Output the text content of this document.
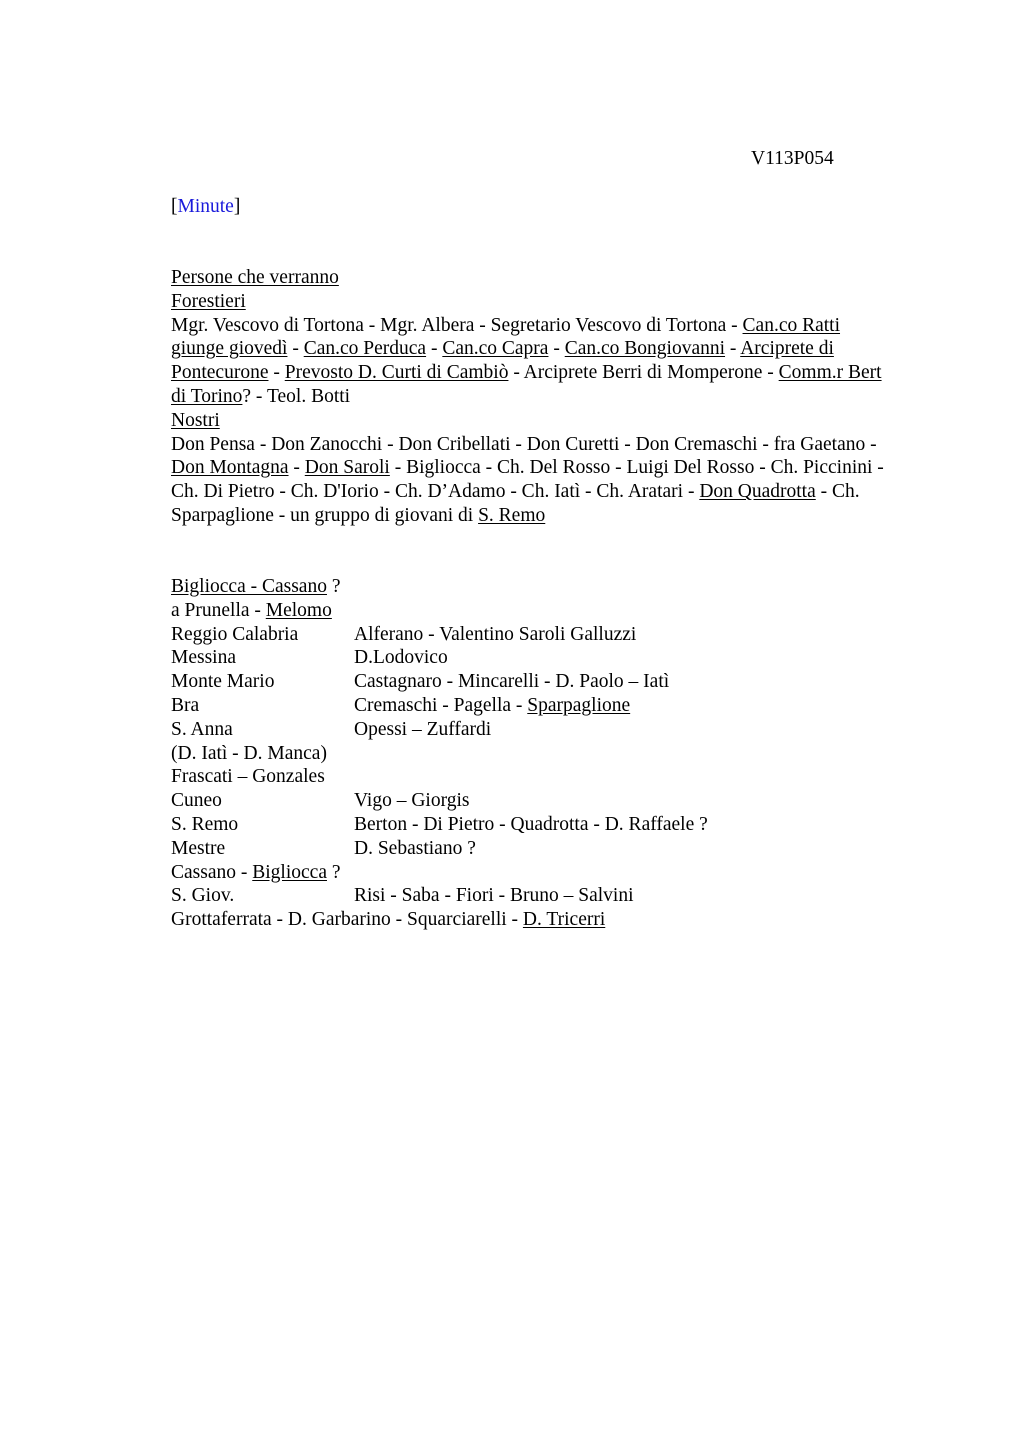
V113P054
[Minute]
Persone che verranno
Forestieri
Mgr. Vescovo di Tortona - Mgr. Albera - Segretario Vescovo di Tortona - Can.co Ratti
giunge giovedì - Can.co Perduca - Can.co Capra - Can.co Bongiovanni - Arciprete di
Pontecurone - Prevosto D. Curti di Cambiò - Arciprete Berri di Momperone - Comm.r Bert
di Torino? - Teol. Botti
Nostri
Don Pensa - Don Zanocchi - Don Cribellati - Don Curetti - Don Cremaschi - fra Gaetano -
Don Montagna - Don Saroli - Bigliocca - Ch. Del Rosso - Luigi Del Rosso - Ch. Piccinini -
Ch. Di Pietro - Ch. D'Iorio - Ch. D’Adamo - Ch. Iatì - Ch. Aratari - Don Quadrotta - Ch.
Sparpaglione - un gruppo di giovani di S. Remo
Bigliocca - Cassano ?
a Prunella - Melomo
Reggio Calabria	Alferano - Valentino Saroli Galluzzi
Messina	D.Lodovico
Monte Mario	Castagnaro - Mincarelli - D. Paolo – Iatì
Bra	Cremaschi - Pagella - Sparpaglione
S. Anna	Opessi – Zuffardi
(D. Iatì - D. Manca)
Frascati – Gonzales
Cuneo	Vigo – Giorgis
S. Remo	Berton - Di Pietro - Quadrotta - D. Raffaele ?
Mestre	D. Sebastiano ?
Cassano - Bigliocca ?
S. Giov.	Risi - Saba - Fiori - Bruno – Salvini
Grottaferrata - D. Garbarino - Squarciarelli - D. Tricerri
